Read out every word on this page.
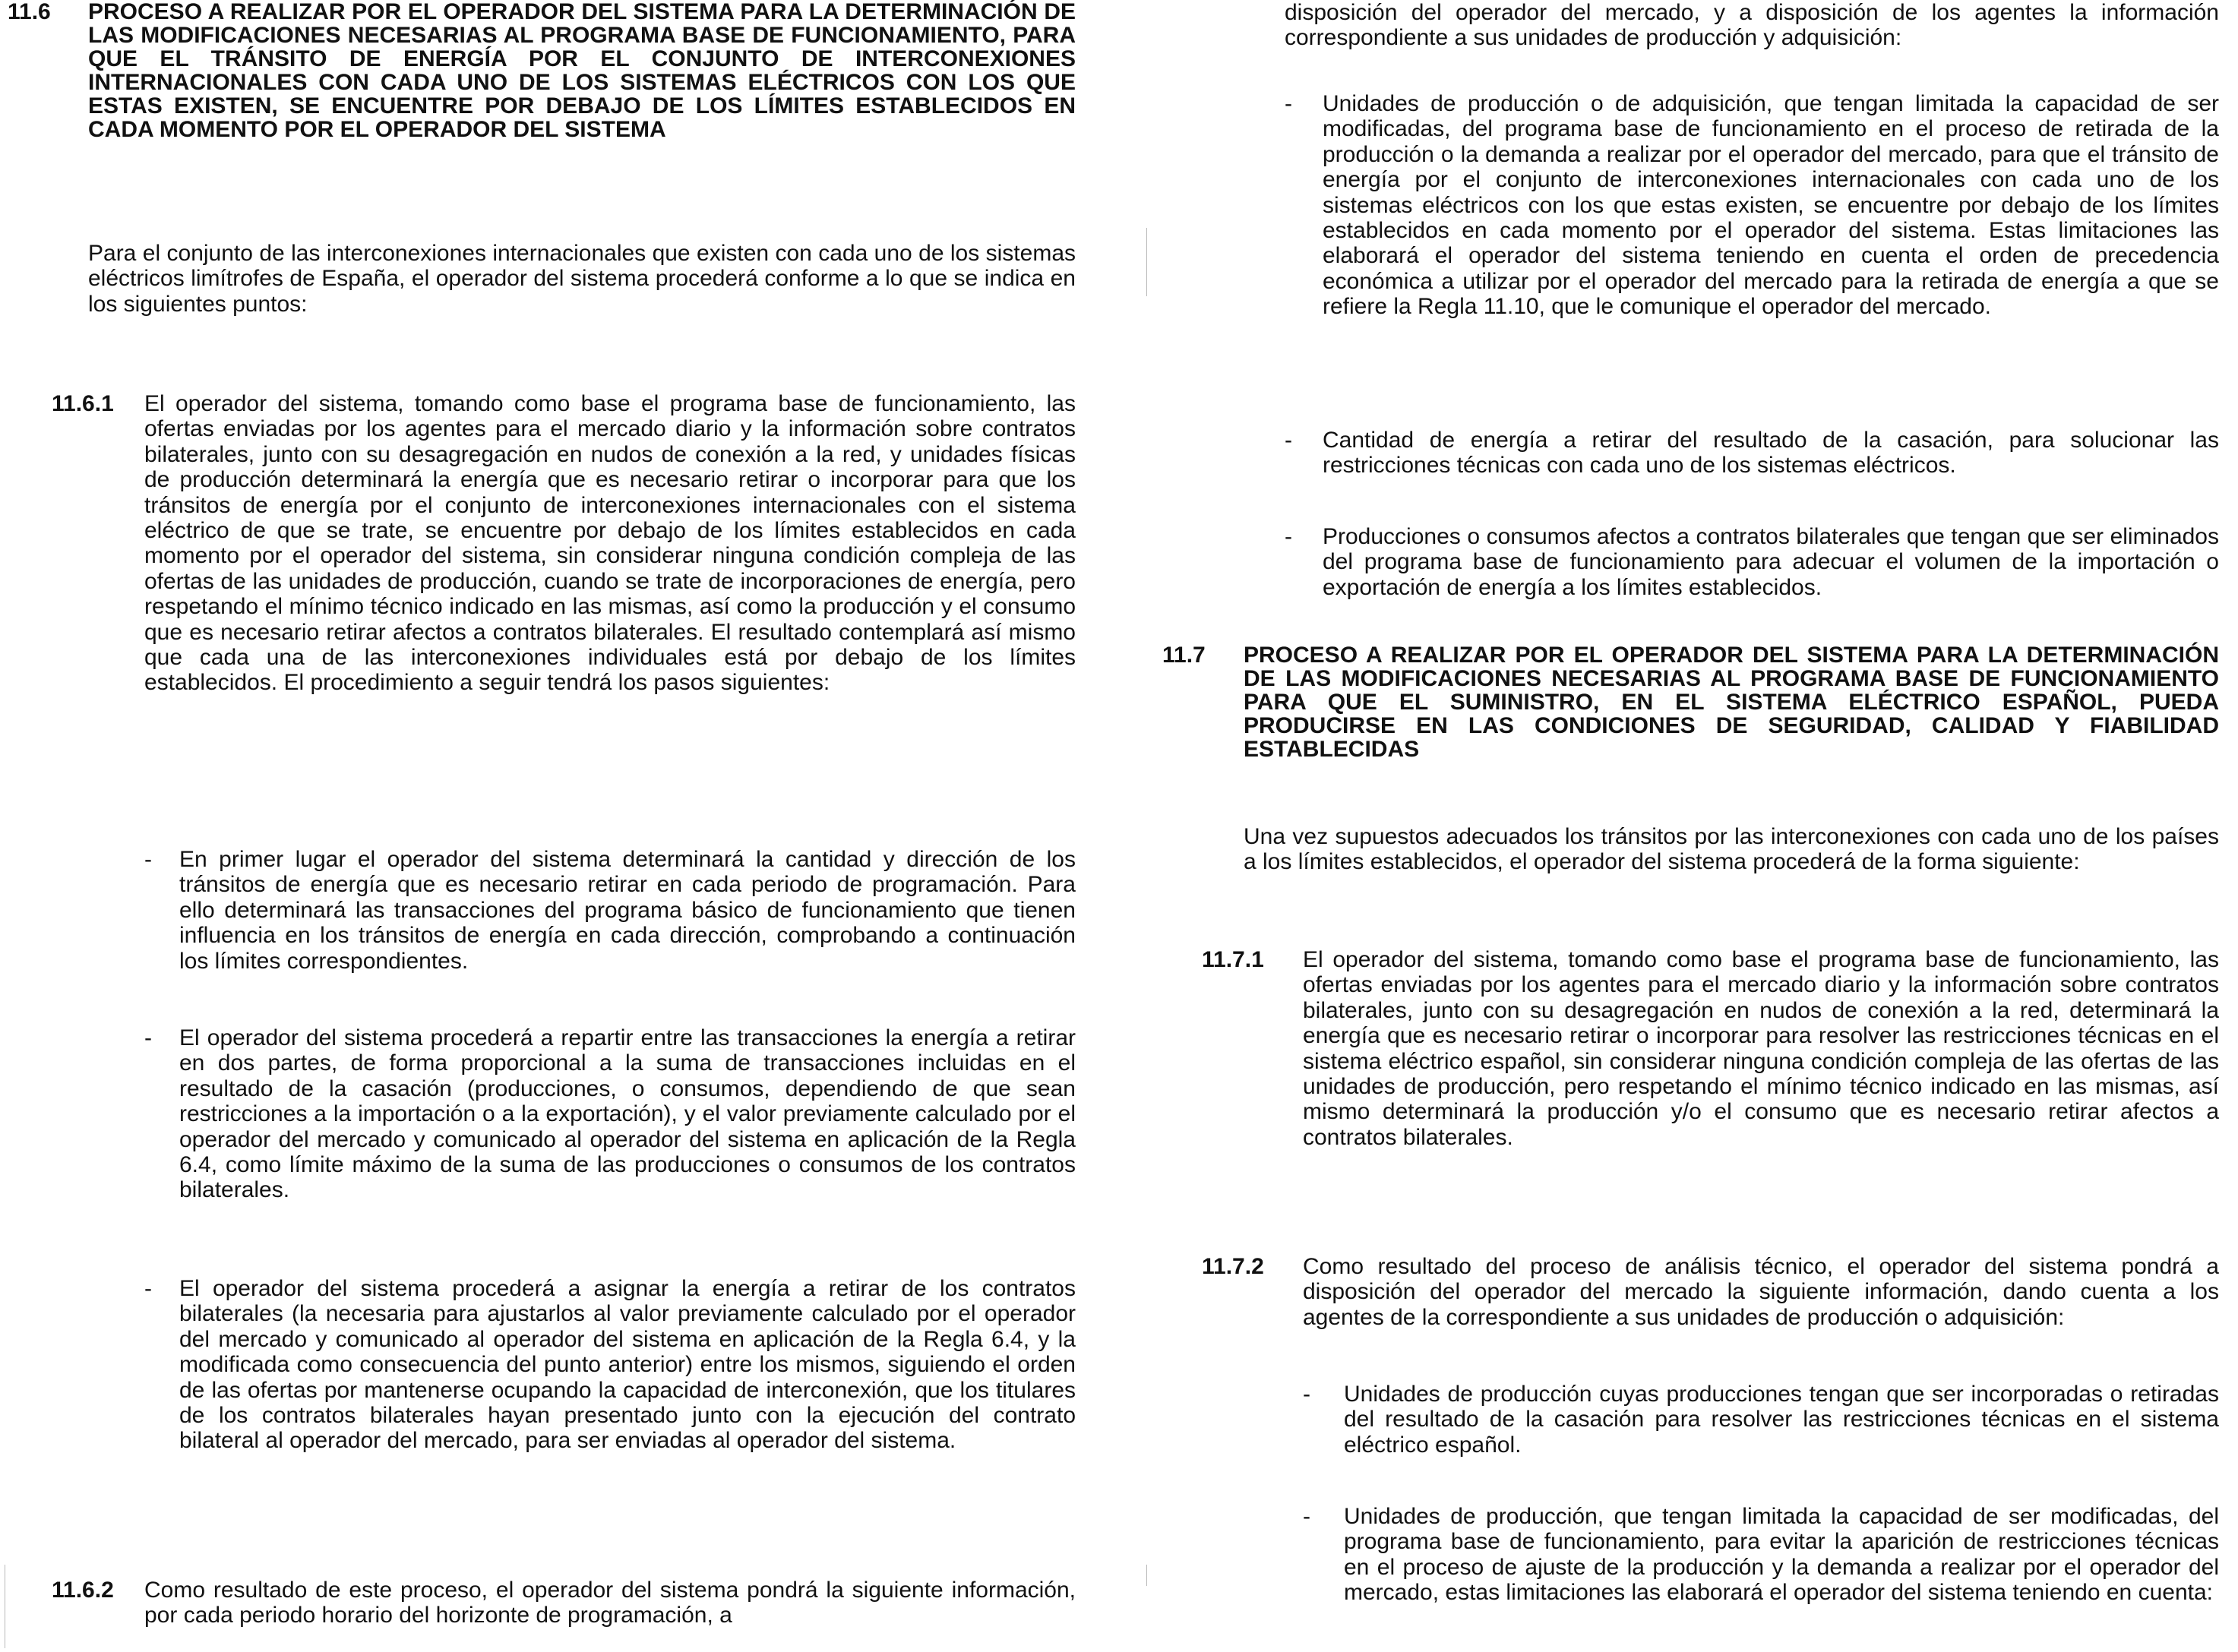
11.6 PROCESO A REALIZAR POR EL OPERADOR DEL SISTEMA PARA LA DETERMINACIÓN DE LAS MODIFICACIONES NECESARIAS AL PROGRAMA BASE DE FUNCIONAMIENTO, PARA QUE EL TRÁNSITO DE ENERGÍA POR EL CONJUNTO DE INTERCONEXIONES INTERNACIONALES CON CADA UNO DE LOS SISTEMAS ELÉCTRICOS CON LOS QUE ESTAS EXISTEN, SE ENCUENTRE POR DEBAJO DE LOS LÍMITES ESTABLECIDOS EN CADA MOMENTO POR EL OPERADOR DEL SISTEMA

Para el conjunto de las interconexiones internacionales que existen con cada uno de los sistemas eléctricos limítrofes de España, el operador del sistema procederá conforme a lo que se indica en los siguientes puntos:

11.6.1 El operador del sistema, tomando como base el programa base de funcionamiento, las ofertas enviadas por los agentes para el mercado diario y la información sobre contratos bilaterales, junto con su desagregación en nudos de conexión a la red, y unidades físicas de producción determinará la energía que es necesario retirar o incorporar para que los tránsitos de energía por el conjunto de interconexiones internacionales con el sistema eléctrico de que se trate, se encuentre por debajo de los límites establecidos en cada momento por el operador del sistema, sin considerar ninguna condición compleja de las ofertas de las unidades de producción, cuando se trate de incorporaciones de energía, pero respetando el mínimo técnico indicado en las mismas, así como la producción y el consumo que es necesario retirar afectos a contratos bilaterales. El resultado contemplará así mismo que cada una de las interconexiones individuales está por debajo de los límites establecidos. El procedimiento a seguir tendrá los pasos siguientes:

- En primer lugar el operador del sistema determinará la cantidad y dirección de los tránsitos de energía que es necesario retirar en cada periodo de programación. Para ello determinará las transacciones del programa básico de funcionamiento que tienen influencia en los tránsitos de energía en cada dirección, comprobando a continuación los límites correspondientes.

- El operador del sistema procederá a repartir entre las transacciones la energía a retirar en dos partes, de forma proporcional a la suma de transacciones incluidas en el resultado de la casación (producciones, o consumos, dependiendo de que sean restricciones a la importación o a la exportación), y el valor previamente calculado por el operador del mercado y comunicado al operador del sistema en aplicación de la Regla 6.4, como límite máximo de la suma de las producciones o consumos de los contratos bilaterales.

- El operador del sistema procederá a asignar la energía a retirar de los contratos bilaterales (la necesaria para ajustarlos al valor previamente calculado por el operador del mercado y comunicado al operador del sistema en aplicación de la Regla 6.4, y la modificada como consecuencia del punto anterior) entre los mismos, siguiendo el orden de las ofertas por mantenerse ocupando la capacidad de interconexión, que los titulares de los contratos bilaterales hayan presentado junto con la ejecución del contrato bilateral al operador del mercado, para ser enviadas al operador del sistema.

11.6.2 Como resultado de este proceso, el operador del sistema pondrá la siguiente información, por cada periodo horario del horizonte de programación, a

disposición del operador del mercado, y a disposición de los agentes la información correspondiente a sus unidades de producción y adquisición:

- Unidades de producción o de adquisición, que tengan limitada la capacidad de ser modificadas, del programa base de funcionamiento en el proceso de retirada de la producción o la demanda a realizar por el operador del mercado, para que el tránsito de energía por el conjunto de interconexiones internacionales con cada uno de los sistemas eléctricos con los que estas existen, se encuentre por debajo de los límites establecidos en cada momento por el operador del sistema. Estas limitaciones las elaborará el operador del sistema teniendo en cuenta el orden de precedencia económica a utilizar por el operador del mercado para la retirada de energía a que se refiere la Regla 11.10, que le comunique el operador del mercado.

- Cantidad de energía a retirar del resultado de la casación, para solucionar las restricciones técnicas con cada uno de los sistemas eléctricos.

- Producciones o consumos afectos a contratos bilaterales que tengan que ser eliminados del programa base de funcionamiento para adecuar el volumen de la importación o exportación de energía a los límites establecidos.

11.7 PROCESO A REALIZAR POR EL OPERADOR DEL SISTEMA PARA LA DETERMINACIÓN DE LAS MODIFICACIONES NECESARIAS AL PROGRAMA BASE DE FUNCIONAMIENTO PARA QUE EL SUMINISTRO, EN EL SISTEMA ELÉCTRICO ESPAÑOL, PUEDA PRODUCIRSE EN LAS CONDICIONES DE SEGURIDAD, CALIDAD Y FIABILIDAD ESTABLECIDAS

Una vez supuestos adecuados los tránsitos por las interconexiones con cada uno de los países a los límites establecidos, el operador del sistema procederá de la forma siguiente:

11.7.1 El operador del sistema, tomando como base el programa base de funcionamiento, las ofertas enviadas por los agentes para el mercado diario y la información sobre contratos bilaterales, junto con su desagregación en nudos de conexión a la red, determinará la energía que es necesario retirar o incorporar para resolver las restricciones técnicas en el sistema eléctrico español, sin considerar ninguna condición compleja de las ofertas de las unidades de producción, pero respetando el mínimo técnico indicado en las mismas, así mismo determinará la producción y/o el consumo que es necesario retirar afectos a contratos bilaterales.

11.7.2 Como resultado del proceso de análisis técnico, el operador del sistema pondrá a disposición del operador del mercado la siguiente información, dando cuenta a los agentes de la correspondiente a sus unidades de producción o adquisición:

- Unidades de producción cuyas producciones tengan que ser incorporadas o retiradas del resultado de la casación para resolver las restricciones técnicas en el sistema eléctrico español.

- Unidades de producción, que tengan limitada la capacidad de ser modificadas, del programa base de funcionamiento, para evitar la aparición de restricciones técnicas en el proceso de ajuste de la producción y la demanda a realizar por el operador del mercado, estas limitaciones las elaborará el operador del sistema teniendo en cuenta:
